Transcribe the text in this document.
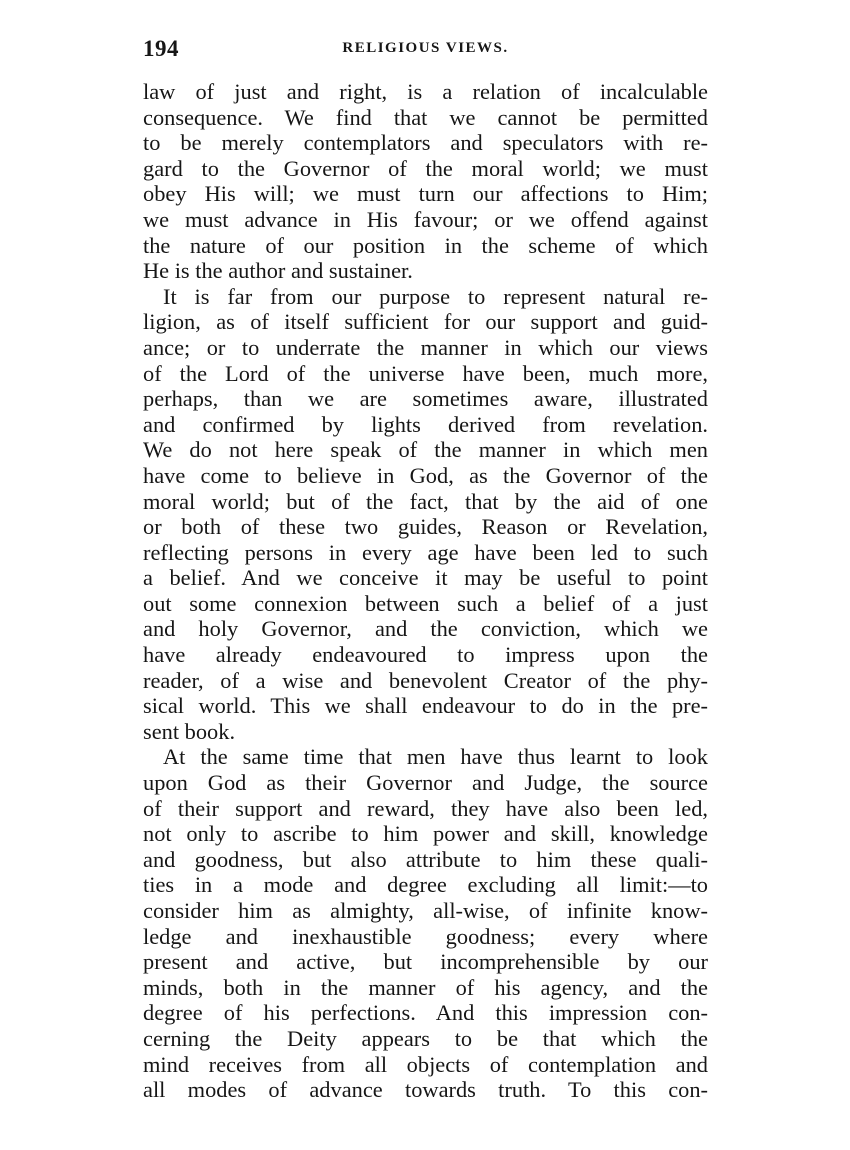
194	RELIGIOUS VIEWS.
law of just and right, is a relation of incalculable
consequence. We find that we cannot be permitted
to be merely contemplators and speculators with re-
gard to the Governor of the moral world; we must
obey His will; we must turn our affections to Him;
we must advance in His favour; or we offend against
the nature of our position in the scheme of which
He is the author and sustainer.
It is far from our purpose to represent natural re-
ligion, as of itself sufficient for our support and guid-
ance; or to underrate the manner in which our views
of the Lord of the universe have been, much more,
perhaps, than we are sometimes aware, illustrated
and confirmed by lights derived from revelation.
We do not here speak of the manner in which men
have come to believe in God, as the Governor of the
moral world; but of the fact, that by the aid of one
or both of these two guides, Reason or Revelation,
reflecting persons in every age have been led to such
a belief. And we conceive it may be useful to point
out some connexion between such a belief of a just
and holy Governor, and the conviction, which we
have already endeavoured to impress upon the
reader, of a wise and benevolent Creator of the phy-
sical world. This we shall endeavour to do in the pre-
sent book.
At the same time that men have thus learnt to look
upon God as their Governor and Judge, the source
of their support and reward, they have also been led,
not only to ascribe to him power and skill, knowledge
and goodness, but also attribute to him these quali-
ties in a mode and degree excluding all limit:—to
consider him as almighty, all-wise, of infinite know-
ledge and inexhaustible goodness; every where
present and active, but incomprehensible by our
minds, both in the manner of his agency, and the
degree of his perfections. And this impression con-
cerning the Deity appears to be that which the
mind receives from all objects of contemplation and
all modes of advance towards truth. To this con-
